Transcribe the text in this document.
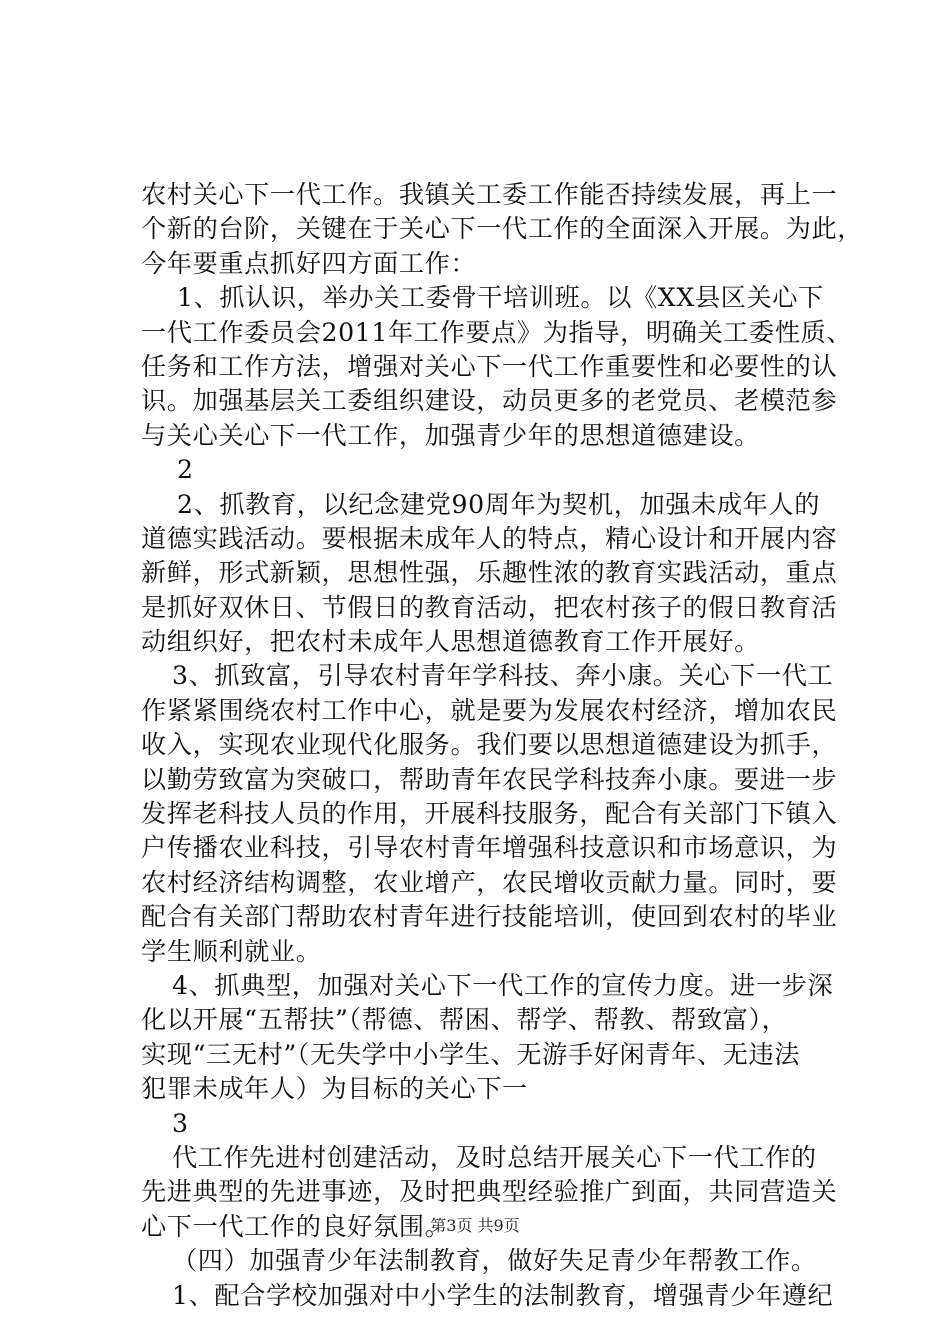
农村关心下一代工作。我镇关工委工作能否持续发展，再上一
个新的台阶，关键在于关心下一代工作的全面深入开展。为此，
今年要重点抓好四方面工作：
1、抓认识，举办关工委骨干培训班。以《XX县区关心下
一代工作委员会2011年工作要点》为指导，明确关工委性质、
任务和工作方法，增强对关心下一代工作重要性和必要性的认
识。加强基层关工委组织建设，动员更多的老党员、老模范参
与关心关心下一代工作，加强青少年的思想道德建设。
2
2、抓教育，以纪念建党90周年为契机，加强未成年人的
道德实践活动。要根据未成年人的特点，精心设计和开展内容
新鲜，形式新颖，思想性强，乐趣性浓的教育实践活动，重点
是抓好双休日、节假日的教育活动，把农村孩子的假日教育活
动组织好，把农村未成年人思想道德教育工作开展好。
3、抓致富，引导农村青年学科技、奔小康。关心下一代工
作紧紧围绕农村工作中心，就是要为发展农村经济，增加农民
收入，实现农业现代化服务。我们要以思想道德建设为抓手，
以勤劳致富为突破口，帮助青年农民学科技奔小康。要进一步
发挥老科技人员的作用，开展科技服务，配合有关部门下镇入
户传播农业科技，引导农村青年增强科技意识和市场意识，为
农村经济结构调整，农业增产，农民增收贡献力量。同时，要
配合有关部门帮助农村青年进行技能培训，使回到农村的毕业
学生顺利就业。
4、抓典型，加强对关心下一代工作的宣传力度。进一步深
化以开展“五帮扶”（帮德、帮困、帮学、帮教、帮致富），
实现“三无村”（无失学中小学生、无游手好闲青年、无违法
犯罪未成年人）为目标的关心下一
3
代工作先进村创建活动，及时总结开展关心下一代工作的
先进典型的先进事迹，及时把典型经验推广到面，共同营造关
心下一代工作的良好氛围。
（四）加强青少年法制教育，做好失足青少年帮教工作。
1、配合学校加强对中小学生的法制教育，增强青少年遵纪
第3页 共9页
